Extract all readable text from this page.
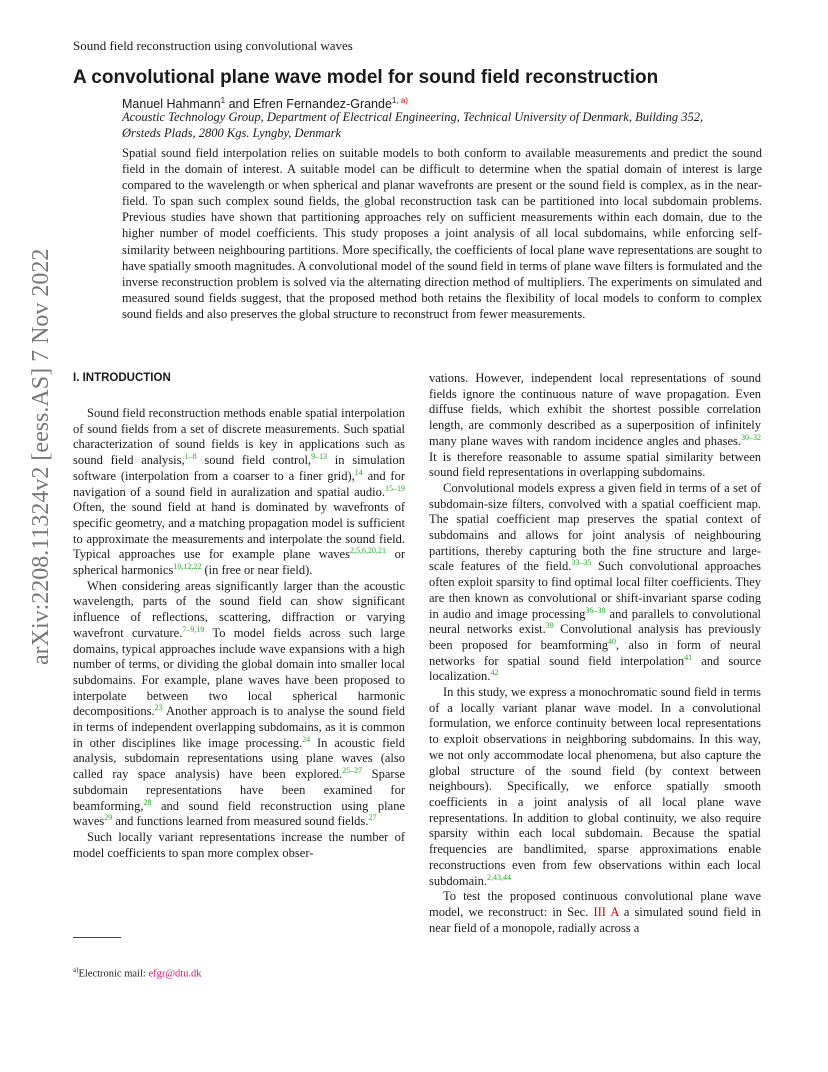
Sound field reconstruction using convolutional waves
arXiv:2208.11324v2 [eess.AS] 7 Nov 2022
A convolutional plane wave model for sound field reconstruction
Manuel Hahmann$^1$ and Efren Fernandez-Grande$^{1, a)}$
Acoustic Technology Group, Department of Electrical Engineering, Technical University of Denmark, Building 352,
Ørsteds Plads, 2800 Kgs. Lyngby, Denmark

Spatial sound field interpolation relies on suitable models to both conform to available measurements and predict the sound field in the domain of interest. A suitable model can be difficult to determine when the spatial domain of interest is large compared to the wavelength or when spherical and planar wavefronts are present or the sound field is complex, as in the near-field. To span such complex sound fields, the global reconstruction task can be partitioned into local subdomain problems. Previous studies have shown that partitioning approaches rely on sufficient measurements within each domain, due to the higher number of model coefficients. This study proposes a joint analysis of all local subdomains, while enforcing self-similarity between neighbouring partitions. More specifically, the coefficients of local plane wave representations are sought to have spatially smooth magnitudes. A convolutional model of the sound field in terms of plane wave filters is formulated and the inverse reconstruction problem is solved via the alternating direction method of multipliers. The experiments on simulated and measured sound fields suggest, that the proposed method both retains the flexibility of local models to conform to complex sound fields and also preserves the global structure to reconstruct from fewer measurements.

I. INTRODUCTION

Sound field reconstruction methods enable spatial interpolation of sound fields from a set of discrete measurements. Such spatial characterization of sound fields is key in applications such as sound field analysis,$^{1-8}$ sound field control,$^{9-13}$ in simulation software (interpolation from a coarser to a finer grid),$^{14}$ and for navigation of a sound field in auralization and spatial audio.$^{15-19}$ Often, the sound field at hand is dominated by wavefronts of specific geometry, and a matching propagation model is sufficient to approximate the measurements and interpolate the sound field. Typical approaches use for example plane waves$^{2,5,6,20,21}$ or spherical harmonics$^{10,12,22}$ (in free or near field).

When considering areas significantly larger than the acoustic wavelength, parts of the sound field can show significant influence of reflections, scattering, diffraction or varying wavefront curvature.$^{7-9,19}$ To model fields across such large domains, typical approaches include wave expansions with a high number of terms, or dividing the global domain into smaller local subdomains. For example, plane waves have been proposed to interpolate between two local spherical harmonic decompositions.$^{23}$ Another approach is to analyse the sound field in terms of independent overlapping subdomains, as it is common in other disciplines like image processing.$^{24}$ In acoustic field analysis, subdomain representations using plane waves (also called ray space analysis) have been explored.$^{25-27}$ Sparse subdomain representations have been examined for beamforming,$^{28}$ and sound field reconstruction using plane waves$^{29}$ and functions learned from measured sound fields.$^{27}$

Such locally variant representations increase the number of model coefficients to span more complex obser-

$^{a)}$Electronic mail: efgr@dtu.dk

vations. However, independent local representations of sound fields ignore the continuous nature of wave propagation. Even diffuse fields, which exhibit the shortest possible correlation length, are commonly described as a superposition of infinitely many plane waves with random incidence angles and phases.$^{30-32}$ It is therefore reasonable to assume spatial similarity between sound field representations in overlapping subdomains.

Convolutional models express a given field in terms of a set of subdomain-size filters, convolved with a spatial coefficient map. The spatial coefficient map preserves the spatial context of subdomains and allows for joint analysis of neighbouring partitions, thereby capturing both the fine structure and large-scale features of the field.$^{33-35}$ Such convolutional approaches often exploit sparsity to find optimal local filter coefficients. They are then known as convolutional or shift-invariant sparse coding in audio and image processing$^{36-38}$ and parallels to convolutional neural networks exist.$^{39}$ Convolutional analysis has previously been proposed for beamforming$^{40}$, also in form of neural networks for spatial sound field interpolation$^{41}$ and source localization.$^{42}$

In this study, we express a monochromatic sound field in terms of a locally variant planar wave model. In a convolutional formulation, we enforce continuity between local representations to exploit observations in neighboring subdomains. In this way, we not only accommodate local phenomena, but also capture the global structure of the sound field (by context between neighbours). Specifically, we enforce spatially smooth coefficients in a joint analysis of all local plane wave representations. In addition to global continuity, we also require sparsity within each local subdomain. Because the spatial frequencies are bandlimited, sparse approximations enable reconstructions even from few observations within each local subdomain.$^{2,43,44}$

To test the proposed continuous convolutional plane wave model, we reconstruct: in Sec. III A a simulated sound field in near field of a monopole, radially across a
